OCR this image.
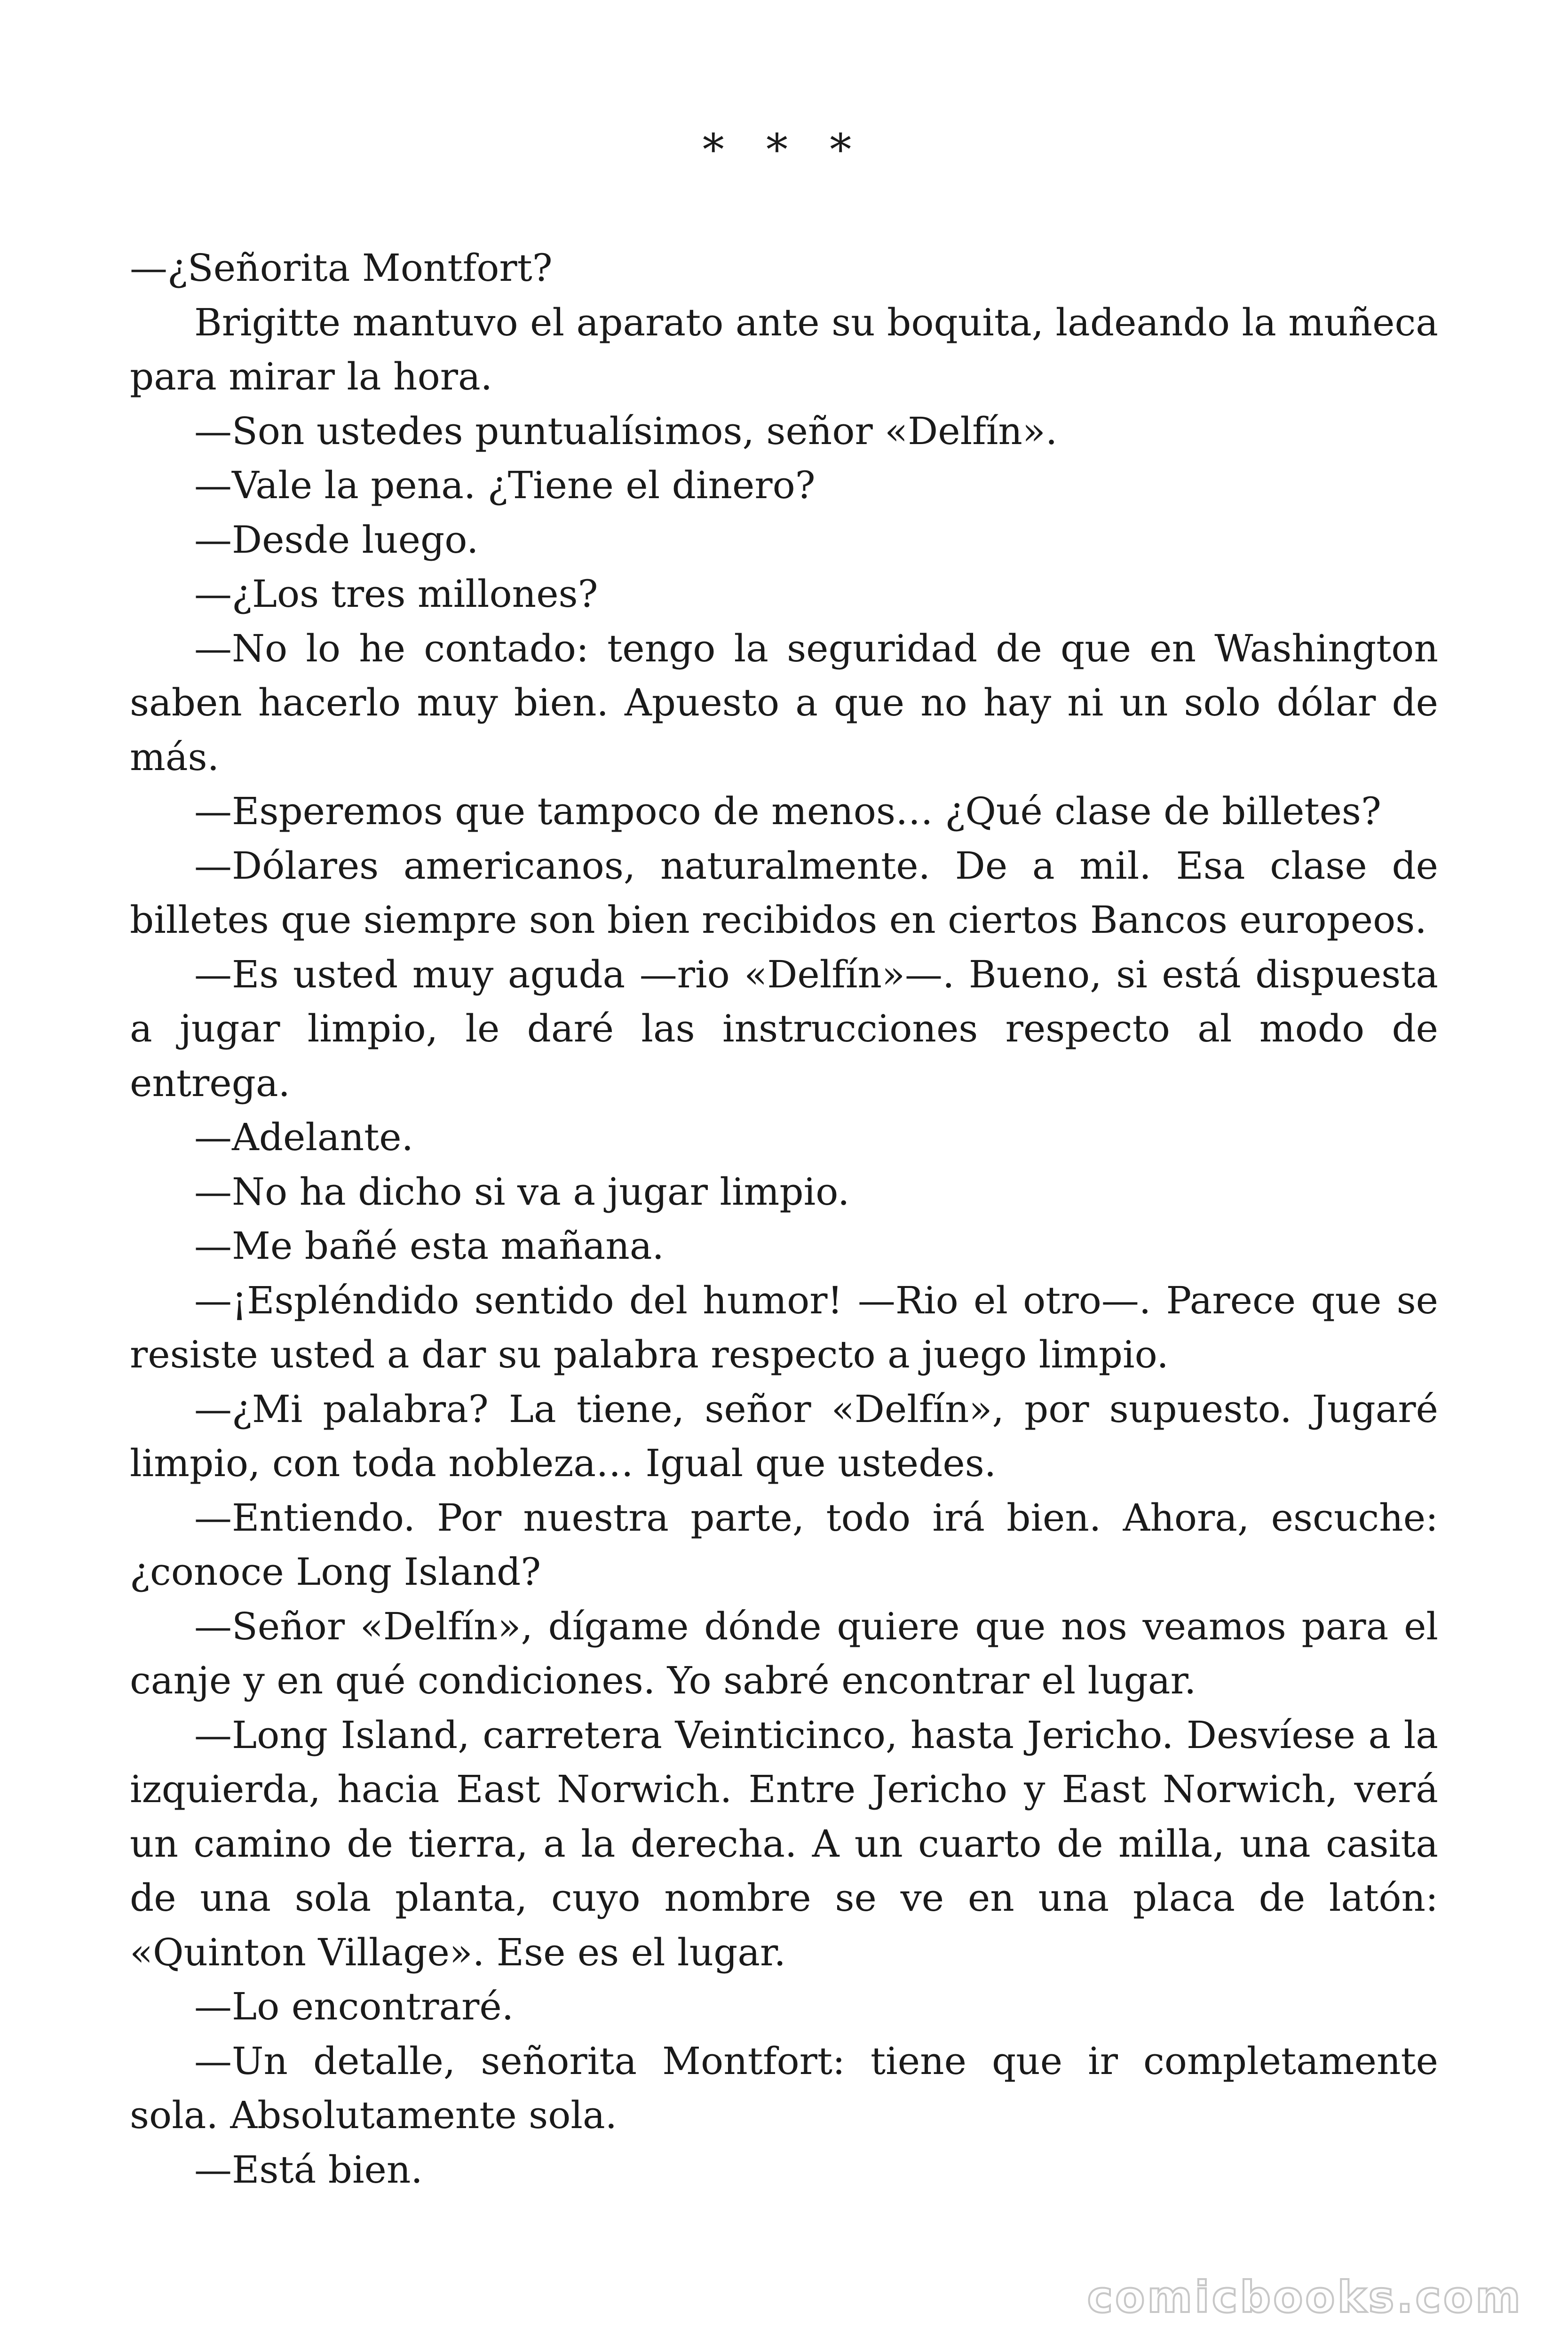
* * *

—¿Señorita Montfort?

Brigitte mantuvo el aparato ante su boquita, ladeando la muñeca para mirar la hora.

—Son ustedes puntualísimos, señor «Delfín».

—Vale la pena. ¿Tiene el dinero?

—Desde luego.

—¿Los tres millones?

—No lo he contado: tengo la seguridad de que en Washington saben hacerlo muy bien. Apuesto a que no hay ni un solo dólar de más.

—Esperemos que tampoco de menos… ¿Qué clase de billetes?

—Dólares americanos, naturalmente. De a mil. Esa clase de billetes que siempre son bien recibidos en ciertos Bancos europeos.

—Es usted muy aguda —rio «Delfín»—. Bueno, si está dispuesta a jugar limpio, le daré las instrucciones respecto al modo de entrega.

—Adelante.

—No ha dicho si va a jugar limpio.

—Me bañé esta mañana.

—¡Espléndido sentido del humor! —Rio el otro—. Parece que se resiste usted a dar su palabra respecto a juego limpio.

—¿Mi palabra? La tiene, señor «Delfín», por supuesto. Jugaré limpio, con toda nobleza… Igual que ustedes.

—Entiendo. Por nuestra parte, todo irá bien. Ahora, escuche: ¿conoce Long Island?

—Señor «Delfín», dígame dónde quiere que nos veamos para el canje y en qué condiciones. Yo sabré encontrar el lugar.

—Long Island, carretera Veinticinco, hasta Jericho. Desvíese a la izquierda, hacia East Norwich. Entre Jericho y East Norwich, verá un camino de tierra, a la derecha. A un cuarto de milla, una casita de una sola planta, cuyo nombre se ve en una placa de latón: «Quinton Village». Ese es el lugar.

—Lo encontraré.

—Un detalle, señorita Montfort: tiene que ir completamente sola. Absolutamente sola.

—Está bien.

comicbooks.com
